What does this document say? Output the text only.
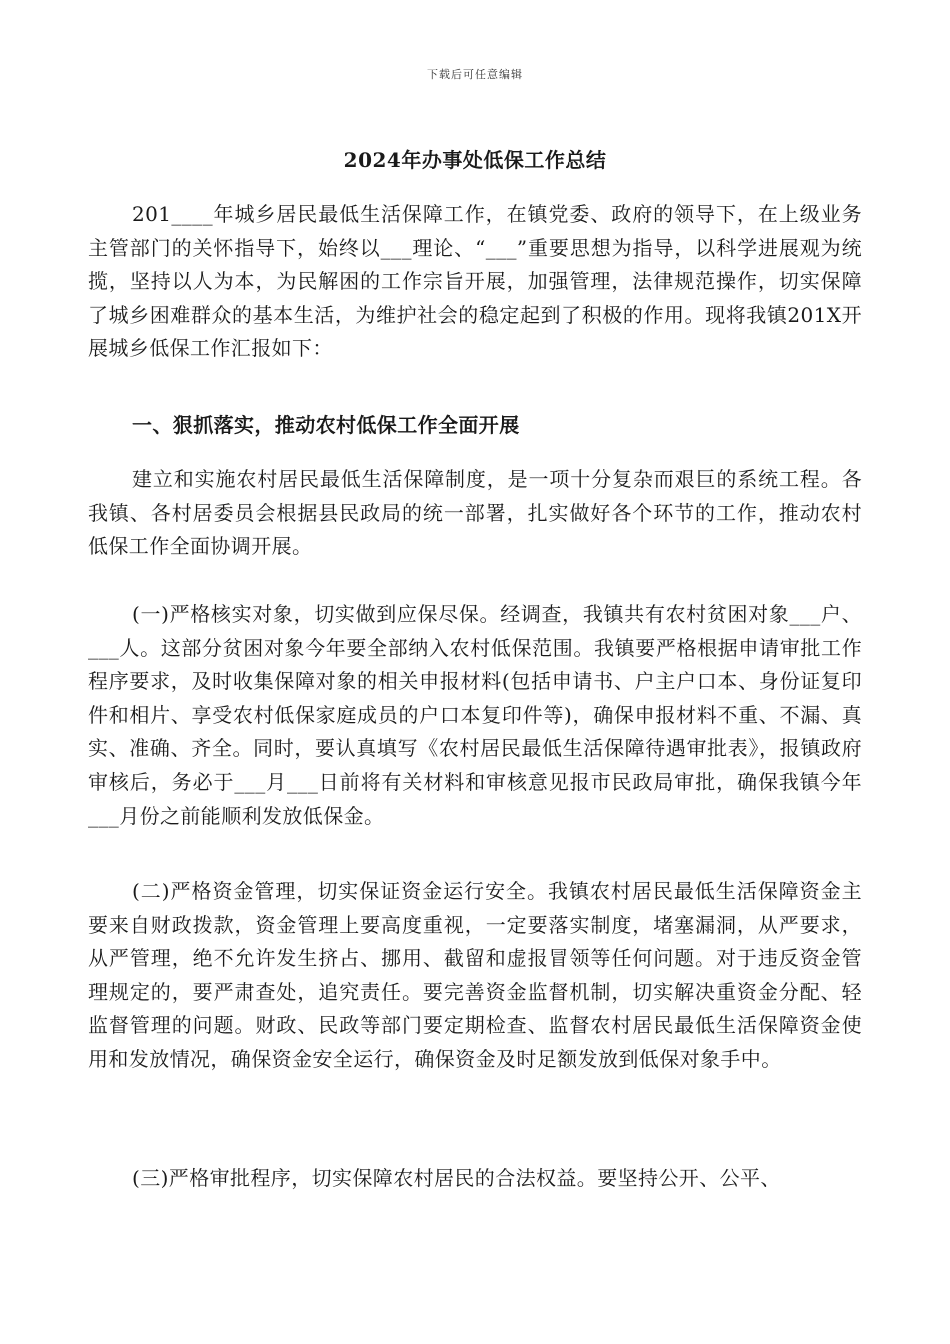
下载后可任意编辑
2024年办事处低保工作总结

201____年城乡居民最低生活保障工作，在镇党委、政府的领导下，在上级业务主管部门的关怀指导下，始终以___理论、“___”重要思想为指导，以科学进展观为统揽，坚持以人为本，为民解困的工作宗旨开展，加强管理，法律规范操作，切实保障了城乡困难群众的基本生活，为维护社会的稳定起到了积极的作用。现将我镇201X开展城乡低保工作汇报如下：

一、狠抓落实，推动农村低保工作全面开展

建立和实施农村居民最低生活保障制度，是一项十分复杂而艰巨的系统工程。各我镇、各村居委员会根据县民政局的统一部署，扎实做好各个环节的工作，推动农村低保工作全面协调开展。

(一)严格核实对象，切实做到应保尽保。经调查，我镇共有农村贫困对象___户、___人。这部分贫困对象今年要全部纳入农村低保范围。我镇要严格根据申请审批工作程序要求，及时收集保障对象的相关申报材料(包括申请书、户主户口本、身份证复印件和相片、享受农村低保家庭成员的户口本复印件等)，确保申报材料不重、不漏、真实、准确、齐全。同时，要认真填写《农村居民最低生活保障待遇审批表》，报镇政府审核后，务必于___月___日前将有关材料和审核意见报市民政局审批，确保我镇今年___月份之前能顺利发放低保金。

(二)严格资金管理，切实保证资金运行安全。我镇农村居民最低生活保障资金主要来自财政拨款，资金管理上要高度重视，一定要落实制度，堵塞漏洞，从严要求，从严管理，绝不允许发生挤占、挪用、截留和虚报冒领等任何问题。对于违反资金管理规定的，要严肃查处，追究责任。要完善资金监督机制，切实解决重资金分配、轻监督管理的问题。财政、民政等部门要定期检查、监督农村居民最低生活保障资金使用和发放情况，确保资金安全运行，确保资金及时足额发放到低保对象手中。

(三)严格审批程序，切实保障农村居民的合法权益。要坚持公开、公平、
